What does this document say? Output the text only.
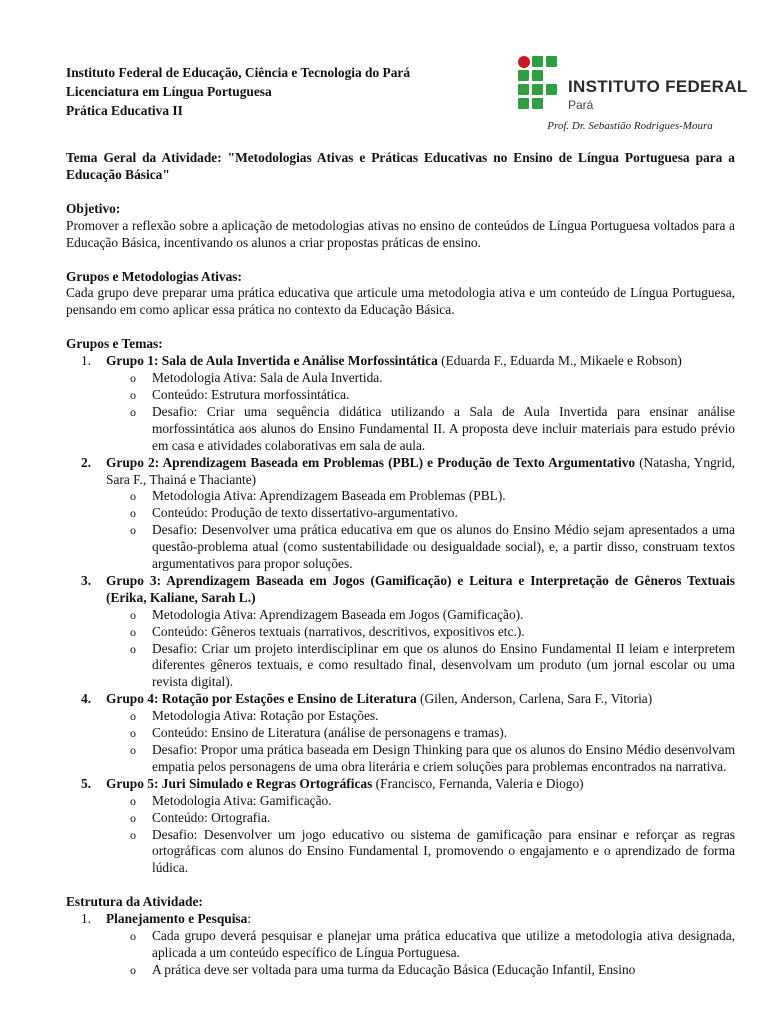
Instituto Federal de Educação, Ciência e Tecnologia do Pará
Licenciatura em Língua Portuguesa
Prática Educativa II
INSTITUTO FEDERAL
Pará
Prof. Dr. Sebastião Rodrigues-Moura
Tema Geral da Atividade: "Metodologias Ativas e Práticas Educativas no Ensino de Língua Portuguesa para a Educação Básica"
Objetivo:
Promover a reflexão sobre a aplicação de metodologias ativas no ensino de conteúdos de Língua Portuguesa voltados para a Educação Básica, incentivando os alunos a criar propostas práticas de ensino.
Grupos e Metodologias Ativas:
Cada grupo deve preparar uma prática educativa que articule uma metodologia ativa e um conteúdo de Língua Portuguesa, pensando em como aplicar essa prática no contexto da Educação Básica.
Grupos e Temas:
1. Grupo 1: Sala de Aula Invertida e Análise Morfossintática (Eduarda F., Eduarda M., Mikaele e Robson)
o Metodologia Ativa: Sala de Aula Invertida.
o Conteúdo: Estrutura morfossintática.
o Desafio: Criar uma sequência didática utilizando a Sala de Aula Invertida para ensinar análise morfossintática aos alunos do Ensino Fundamental II. A proposta deve incluir materiais para estudo prévio em casa e atividades colaborativas em sala de aula.
2. Grupo 2: Aprendizagem Baseada em Problemas (PBL) e Produção de Texto Argumentativo (Natasha, Yngrid, Sara F., Thainá e Thaciante)
o Metodologia Ativa: Aprendizagem Baseada em Problemas (PBL).
o Conteúdo: Produção de texto dissertativo-argumentativo.
o Desafio: Desenvolver uma prática educativa em que os alunos do Ensino Médio sejam apresentados a uma questão-problema atual (como sustentabilidade ou desigualdade social), e, a partir disso, construam textos argumentativos para propor soluções.
3. Grupo 3: Aprendizagem Baseada em Jogos (Gamificação) e Leitura e Interpretação de Gêneros Textuais (Erika, Kaliane, Sarah L.)
o Metodologia Ativa: Aprendizagem Baseada em Jogos (Gamificação).
o Conteúdo: Gêneros textuais (narrativos, descritivos, expositivos etc.).
o Desafio: Criar um projeto interdisciplinar em que os alunos do Ensino Fundamental II leiam e interpretem diferentes gêneros textuais, e como resultado final, desenvolvam um produto (um jornal escolar ou uma revista digital).
4. Grupo 4: Rotação por Estações e Ensino de Literatura (Gilen, Anderson, Carlena, Sara F., Vitoria)
o Metodologia Ativa: Rotação por Estações.
o Conteúdo: Ensino de Literatura (análise de personagens e tramas).
o Desafio: Propor uma prática baseada em Design Thinking para que os alunos do Ensino Médio desenvolvam empatia pelos personagens de uma obra literária e criem soluções para problemas encontrados na narrativa.
5. Grupo 5: Juri Simulado e Regras Ortográficas (Francisco, Fernanda, Valeria e Diogo)
o Metodologia Ativa: Gamificação.
o Conteúdo: Ortografia.
o Desafio: Desenvolver um jogo educativo ou sistema de gamificação para ensinar e reforçar as regras ortográficas com alunos do Ensino Fundamental I, promovendo o engajamento e o aprendizado de forma lúdica.
Estrutura da Atividade:
1. Planejamento e Pesquisa:
o Cada grupo deverá pesquisar e planejar uma prática educativa que utilize a metodologia ativa designada, aplicada a um conteúdo específico de Língua Portuguesa.
o A prática deve ser voltada para uma turma da Educação Básica (Educação Infantil, Ensino
